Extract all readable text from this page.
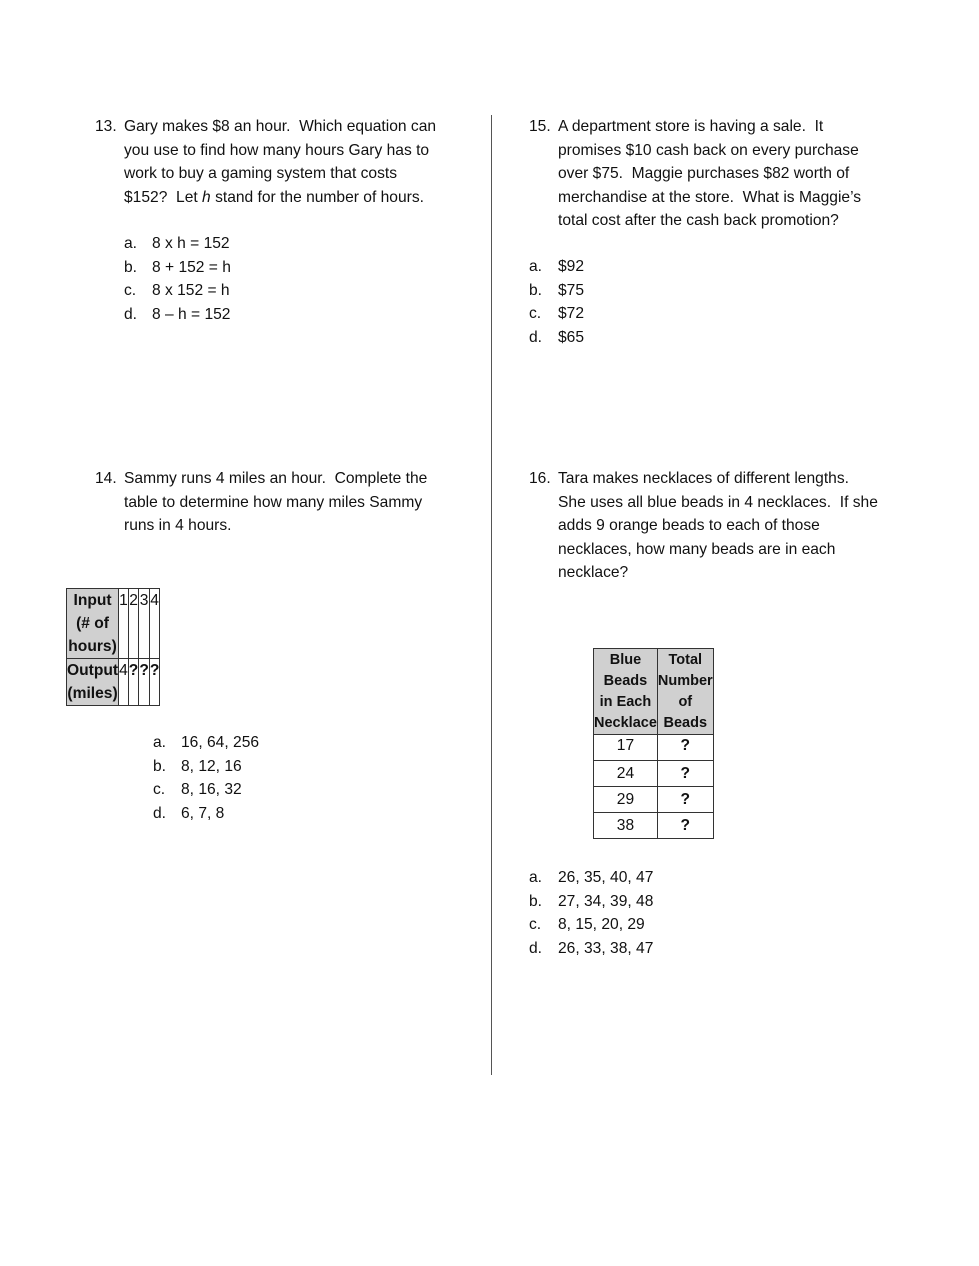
13. Gary makes $8 an hour.  Which equation can
you use to find how many hours Gary has to
work to buy a gaming system that costs
$152?  Let h stand for the number of hours.
15. A department store is having a sale.  It
promises $10 cash back on every purchase
over $75.  Maggie purchases $82 worth of
merchandise at the store.  What is Maggie’s
total cost after the cash back promotion?
14. Sammy runs 4 miles an hour.  Complete the
table to determine how many miles Sammy
runs in 4 hours.
Input
(# of hours)	1	2	3	4
Output
(miles)	4	?	?	?
16. Tara makes necklaces of different lengths.
She uses all blue beads in 4 necklaces.  If she
adds 9 orange beads to each of those
necklaces, how many beads are in each
necklace?
Blue Beads
in Each
Necklace	Total
Number of
Beads
17	?
24	?
29	?
38	?
a. 8 x h = 152
b. 8 + 152 = h
c. 8 x 152 = h
d. 8 – h = 152
a. $92
b. $75
c. $72
d. $65
a. 16, 64, 256
b. 8, 12, 16
c. 8, 16, 32
d. 6, 7, 8
a. 26, 35, 40, 47
b. 27, 34, 39, 48
c. 8, 15, 20, 29
d. 26, 33, 38, 47
